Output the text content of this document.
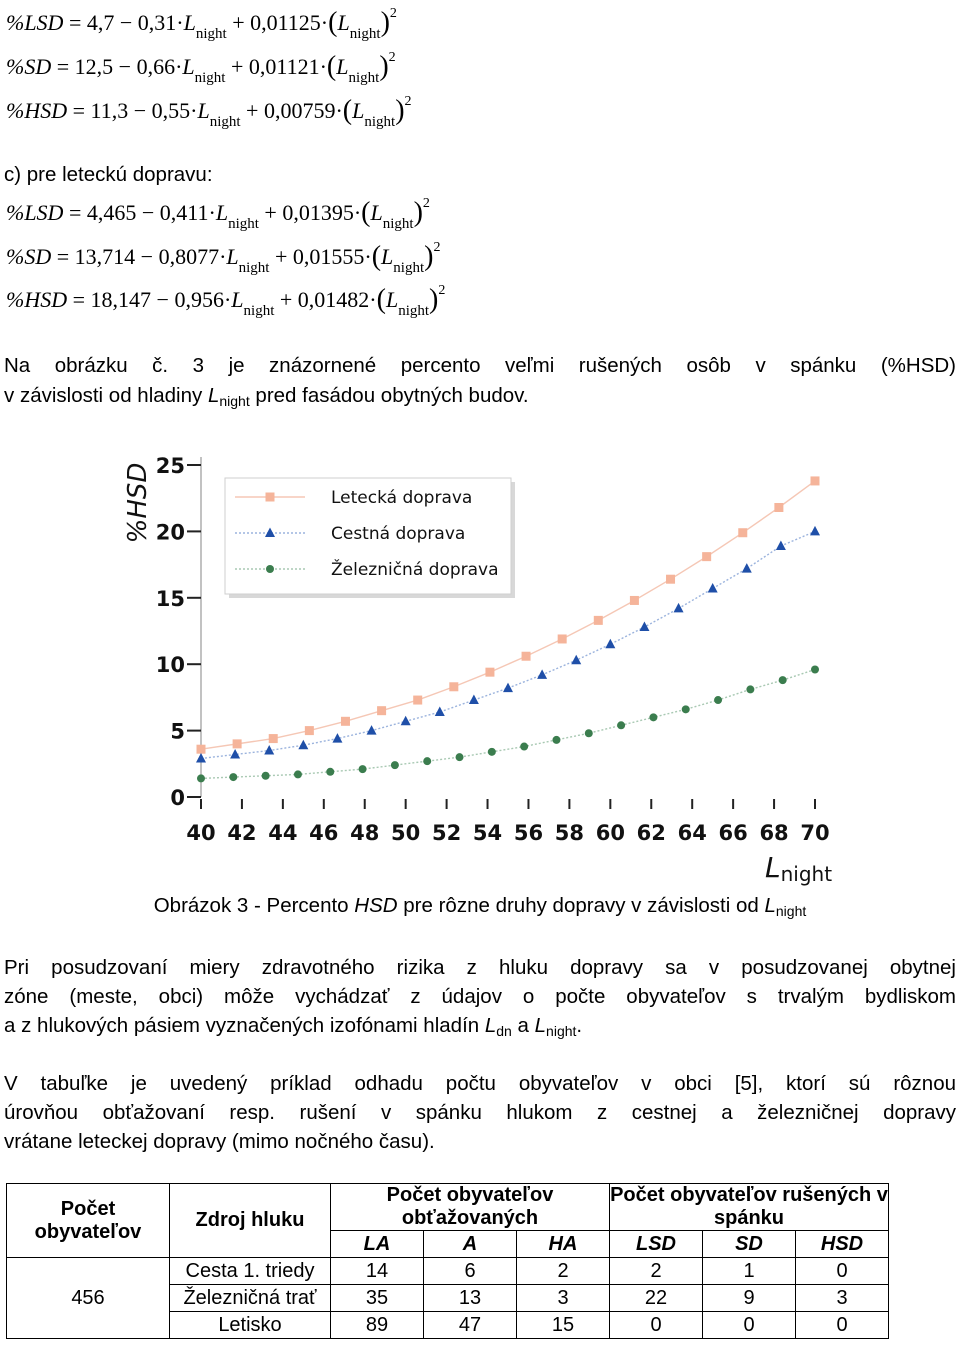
$\%LSD = 4,7 - 0,31\cdot L_{night} + 0,01125\cdot(L_{night})^2$
$\%SD = 12,5 - 0,66\cdot L_{night} + 0,01121\cdot(L_{night})^2$
$\%HSD = 11,3 - 0,55\cdot L_{night} + 0,00759\cdot(L_{night})^2$
c) pre leteckú dopravu:
$\%LSD = 4,465 - 0,411\cdot L_{night} + 0,01395\cdot(L_{night})^2$
$\%SD = 13,714 - 0,8077\cdot L_{night} + 0,01555\cdot(L_{night})^2$
$\%HSD = 18,147 - 0,956\cdot L_{night} + 0,01482\cdot(L_{night})^2$
Na obrázku č. 3 je znázornené percento veľmi rušených osôb v spánku (%HSD)
v závislosti od hladiny Lnight pred fasádou obytných budov.
0
5
10
15
20
25
40 42 44 46 48 50 52 54 56 58 60 62 64 66 68 70
%HSD
Lnight
Letecká doprava
Cestná doprava
Železničná doprava
Obrázok 3 - Percento HSD pre rôzne druhy dopravy v závislosti od Lnight
Pri posudzovaní miery zdravotného rizika z hluku dopravy sa v posudzovanej obytnej
zóne (meste, obci) môže vychádzať z údajov o počte obyvateľov s trvalým bydliskom
a z hlukových pásiem vyznačených izofónami hladín Ldn a Lnight.
V tabuľke je uvedený príklad odhadu počtu obyvateľov v obci [5], ktorí sú rôznou
úrovňou obťažovaní resp. rušení v spánku hlukom z cestnej a železničnej dopravy
vrátane leteckej dopravy (mimo nočného času).
Počet obyvateľov	Zdroj hluku	Počet obyvateľov obťažovaných			Počet obyvateľov rušených v spánku		
		LA	A	HA	LSD	SD	HSD
456	Cesta 1. triedy	14	6	2	2	1	0
	Železničná trať	35	13	3	22	9	3
	Letisko	89	47	15	0	0	0
